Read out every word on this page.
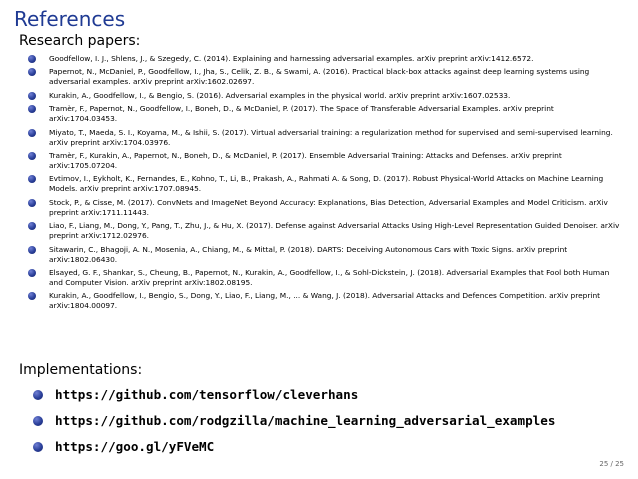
References
Research papers:
Goodfellow, I. J., Shlens, J., & Szegedy, C. (2014). Explaining and harnessing adversarial examples. arXiv preprint arXiv:1412.6572.
Papernot, N., McDaniel, P., Goodfellow, I., Jha, S., Celik, Z. B., & Swami, A. (2016). Practical black-box attacks against deep learning systems using adversarial examples. arXiv preprint arXiv:1602.02697.
Kurakin, A., Goodfellow, I., & Bengio, S. (2016). Adversarial examples in the physical world. arXiv preprint arXiv:1607.02533.
Tramèr, F., Papernot, N., Goodfellow, I., Boneh, D., & McDaniel, P. (2017). The Space of Transferable Adversarial Examples. arXiv preprint arXiv:1704.03453.
Miyato, T., Maeda, S. I., Koyama, M., & Ishii, S. (2017). Virtual adversarial training: a regularization method for supervised and semi-supervised learning. arXiv preprint arXiv:1704.03976.
Tramèr, F., Kurakin, A., Papernot, N., Boneh, D., & McDaniel, P. (2017). Ensemble Adversarial Training: Attacks and Defenses. arXiv preprint arXiv:1705.07204.
Evtimov, I., Eykholt, K., Fernandes, E., Kohno, T., Li, B., Prakash, A., Rahmati A. & Song, D. (2017). Robust Physical-World Attacks on Machine Learning Models. arXiv preprint arXiv:1707.08945.
Stock, P., & Cisse, M. (2017). ConvNets and ImageNet Beyond Accuracy: Explanations, Bias Detection, Adversarial Examples and Model Criticism. arXiv preprint arXiv:1711.11443.
Liao, F., Liang, M., Dong, Y., Pang, T., Zhu, J., & Hu, X. (2017). Defense against Adversarial Attacks Using High-Level Representation Guided Denoiser. arXiv preprint arXiv:1712.02976.
Sitawarin, C., Bhagoji, A. N., Mosenia, A., Chiang, M., & Mittal, P. (2018). DARTS: Deceiving Autonomous Cars with Toxic Signs. arXiv preprint arXiv:1802.06430.
Elsayed, G. F., Shankar, S., Cheung, B., Papernot, N., Kurakin, A., Goodfellow, I., & Sohl-Dickstein, J. (2018). Adversarial Examples that Fool both Human and Computer Vision. arXiv preprint arXiv:1802.08195.
Kurakin, A., Goodfellow, I., Bengio, S., Dong, Y., Liao, F., Liang, M., ... & Wang, J. (2018). Adversarial Attacks and Defences Competition. arXiv preprint arXiv:1804.00097.
Implementations:
https://github.com/tensorflow/cleverhans
https://github.com/rodgzilla/machine_learning_adversarial_examples
https://goo.gl/yFVeMC
25 / 25
